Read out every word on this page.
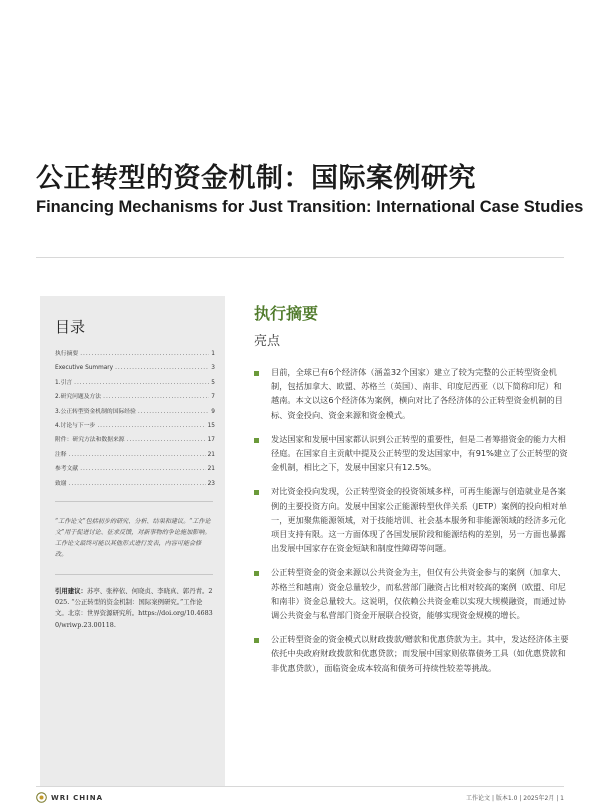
公正转型的资金机制：国际案例研究
Financing Mechanisms for Just Transition: International Case Studies
目录
执行摘要 .....	1
Executive Summary .....	3
1.引言 .....	5
2.研究问题及方法 .....	7
3.公正转型资金机制的国际经验 .....	9
4.讨论与下一步 .....	15
附件：研究方法和数据来源 .....	17
注释 .....	21
参考文献 .....	21
致谢 .....	23
“工作论文”包括初步的研究、分析、结果和建议。“工作论文”用于促进讨论、征求反馈，对新事物的争论施加影响。工作论文最终可能以其他形式进行发表，内容可能会修改。
引用建议：苏亭、张梓依、何晓贞、李晓真、郭丹青。2025. “公正转型的资金机制：国际案例研究。”工作论文。北京：世界资源研究所。https://doi.org/10.46830/wriwp.23.00118.
执行摘要
亮点
目前，全球已有6个经济体（涵盖32个国家）建立了较为完整的公正转型资金机制，包括加拿大、欧盟、苏格兰（英国）、南非、印度尼西亚（以下简称印尼）和越南。本文以这6个经济体为案例，横向对比了各经济体的公正转型资金机制的目标、资金投向、资金来源和资金模式。
发达国家和发展中国家都认识到公正转型的重要性，但是二者筹措资金的能力大相径庭。在国家自主贡献中提及公正转型的发达国家中，有91%建立了公正转型的资金机制，相比之下，发展中国家只有12.5%。
对比资金投向发现，公正转型资金的投资领域多样，可再生能源与创造就业是各案例的主要投资方向。发展中国家公正能源转型伙伴关系（JETP）案例的投向相对单一，更加聚焦能源领域，对于技能培训、社会基本服务和非能源领域的经济多元化项目支持有限。这一方面体现了各国发展阶段和能源结构的差别，另一方面也暴露出发展中国家存在资金短缺和制度性障碍等问题。
公正转型资金的资金来源以公共资金为主，但仅有公共资金参与的案例（加拿大、苏格兰和越南）资金总量较少，而私营部门融资占比相对较高的案例（欧盟、印尼和南非）资金总量较大。这说明，仅依赖公共资金难以实现大规模融资，而通过协调公共资金与私营部门资金开展联合投资，能够实现资金规模的增长。
公正转型资金的资金模式以财政拨款/赠款和优惠贷款为主。其中，发达经济体主要依托中央政府财政拨款和优惠贷款；而发展中国家则依靠债务工具（如优惠贷款和非优惠贷款），面临资金成本较高和债务可持续性较差等挑战。
WRI CHINA	工作论文 | 版本1.0 | 2025年2月 | 1
